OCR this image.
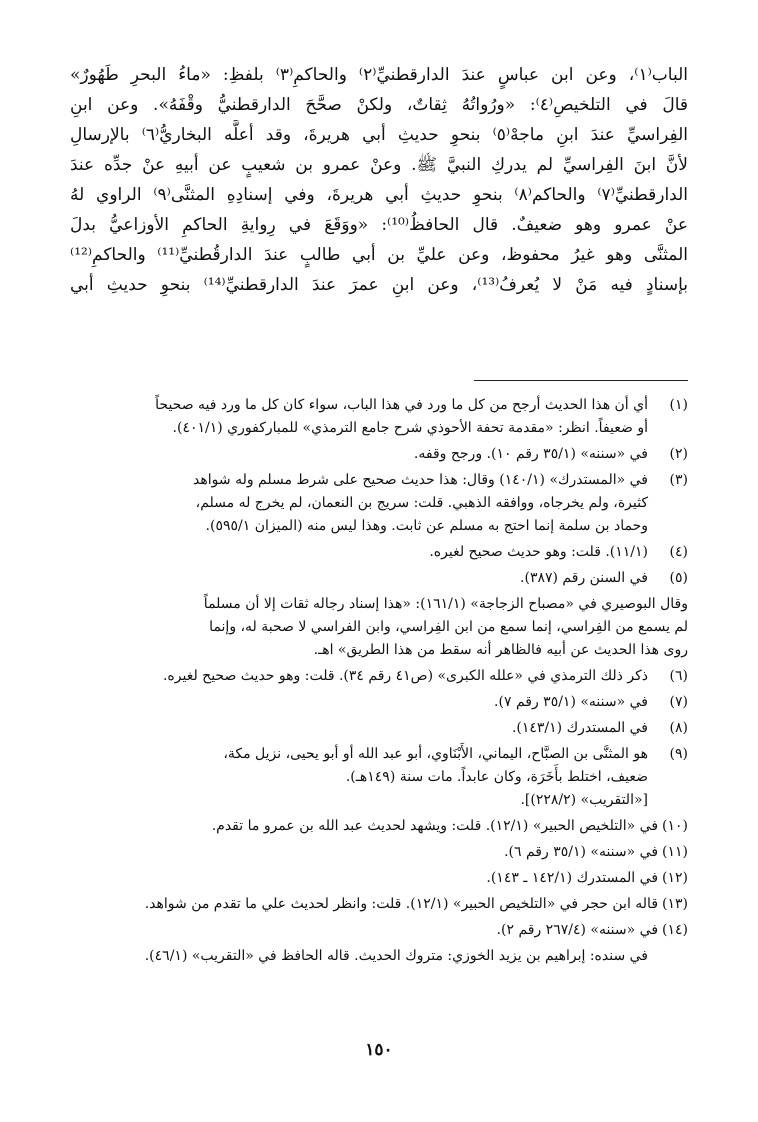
الباب⁽١⁾، وعن ابن عباسٍ عندَ الدارقطنيِّ⁽٢⁾ والحاكمِ⁽٣⁾ بلفظِ: «ماءُ البحرِ طَهُورٌ»
قالَ في التلخيصِ⁽٤⁾: «ورُواتُهُ ثِقاتٌ، ولكنْ صحَّحَ الدارقطنيُّ وقْفَهُ». وعن ابنِ
الفِراسيِّ عندَ ابنِ ماجهْ⁽٥⁾ بنحوِ حديثِ أبي هريرةَ، وقد أعلَّه البخاريُّ⁽٦⁾ بالإرسالِ
لأنَّ ابنَ الفِراسيِّ لم يدركِ النبيَّ ﷺ. وعنْ عمرو بن شعيبٍ عن أبيهِ عنْ جدِّه عندَ
الدارقطنيِّ⁽٧⁾ والحاكم⁽٨⁾ بنحوِ حديثِ أبي هريرةَ، وفي إسنادِهِ المثنَّى⁽٩⁾ الراوي لهُ
عنْ عمرو وهو ضعيفٌ. قال الحافظُ⁽¹⁰⁾: «ووَقَعَ في رِوايةِ الحاكمِ الأوزاعيُّ بدلَ
المثنَّى وهو غيرُ محفوظ، وعن عليِّ بن أبي طالبٍ عندَ الدارقُطنيِّ⁽¹¹⁾ والحاكمِ⁽¹²⁾
بإسنادٍ فيه مَنْ لا يُعرفُ⁽¹³⁾، وعن ابنِ عمرَ عندَ الدارقطنيِّ⁽¹⁴⁾ بنحوِ حديثِ أبي
(١)
أي أن هذا الحديث أرجح من كل ما ورد في هذا الباب، سواء كان كل ما ورد فيه صحيحاً
أو ضعيفاً. انظر: «مقدمة تحفة الأحوذي شرح جامع الترمذي» للمباركفوري (٤٠١/١).
(٢)
في «سننه» (٣٥/١ رقم ١٠). ورجح وقفه.
(٣)
في «المستدرك» (١٤٠/١) وقال: هذا حديث صحيح على شرط مسلم وله شواهد
كثيرة، ولم يخرجاه، ووافقه الذهبي. قلت: سريج بن النعمان، لم يخرج له مسلم،
وحماد بن سلمة إنما احتج به مسلم عن ثابت. وهذا ليس منه (الميزان ٥٩٥/١).
(٤)
(١١/١). قلت: وهو حديث صحيح لغيره.
(٥)
في السنن رقم (٣٨٧).
وقال البوصيري في «مصباح الزجاجة» (١٦١/١): «هذا إسناد رجاله ثقات إلا أن مسلماً
لم يسمع من الفِراسي، إنما سمع من ابن الفِراسي، وابن الفراسي لا صحبة له، وإنما
روى هذا الحديث عن أبيه فالظاهر أنه سقط من هذا الطريق» اهـ.
(٦)
ذكر ذلك الترمذي في «علله الكبرى» (ص٤١ رقم ٣٤). قلت: وهو حديث صحيح لغيره.
(٧)
في «سننه» (٣٥/١ رقم ٧).
(٨)
في المستدرك (١٤٣/١).
(٩)
هو المثنَّى بن الصبَّاح، اليماني، الأَبْنَاوي، أبو عبد الله أو أبو يحيى، نزيل مكة،
ضعيف، اختلط بأَخَرَة، وكان عابداً. مات سنة (١٤٩هـ).
[«التقريب» (٢٢٨/٢)].
(١٠)
في «التلخيص الحبير» (١٢/١). قلت: ويشهد لحديث عبد الله بن عمرو ما تقدم.
(١١)
في «سننه» (٣٥/١ رقم ٦).
(١٢)
في المستدرك (١٤٢/١ ـ ١٤٣).
(١٣)
قاله ابن حجر في «التلخيص الحبير» (١٢/١). قلت: وانظر لحديث علي ما تقدم من شواهد.
(١٤)
في «سننه» (٢٦٧/٤ رقم ٢).
في سنده: إبراهيم بن يزيد الخوزي: متروك الحديث. قاله الحافظ في «التقريب» (٤٦/١).
١٥٠
